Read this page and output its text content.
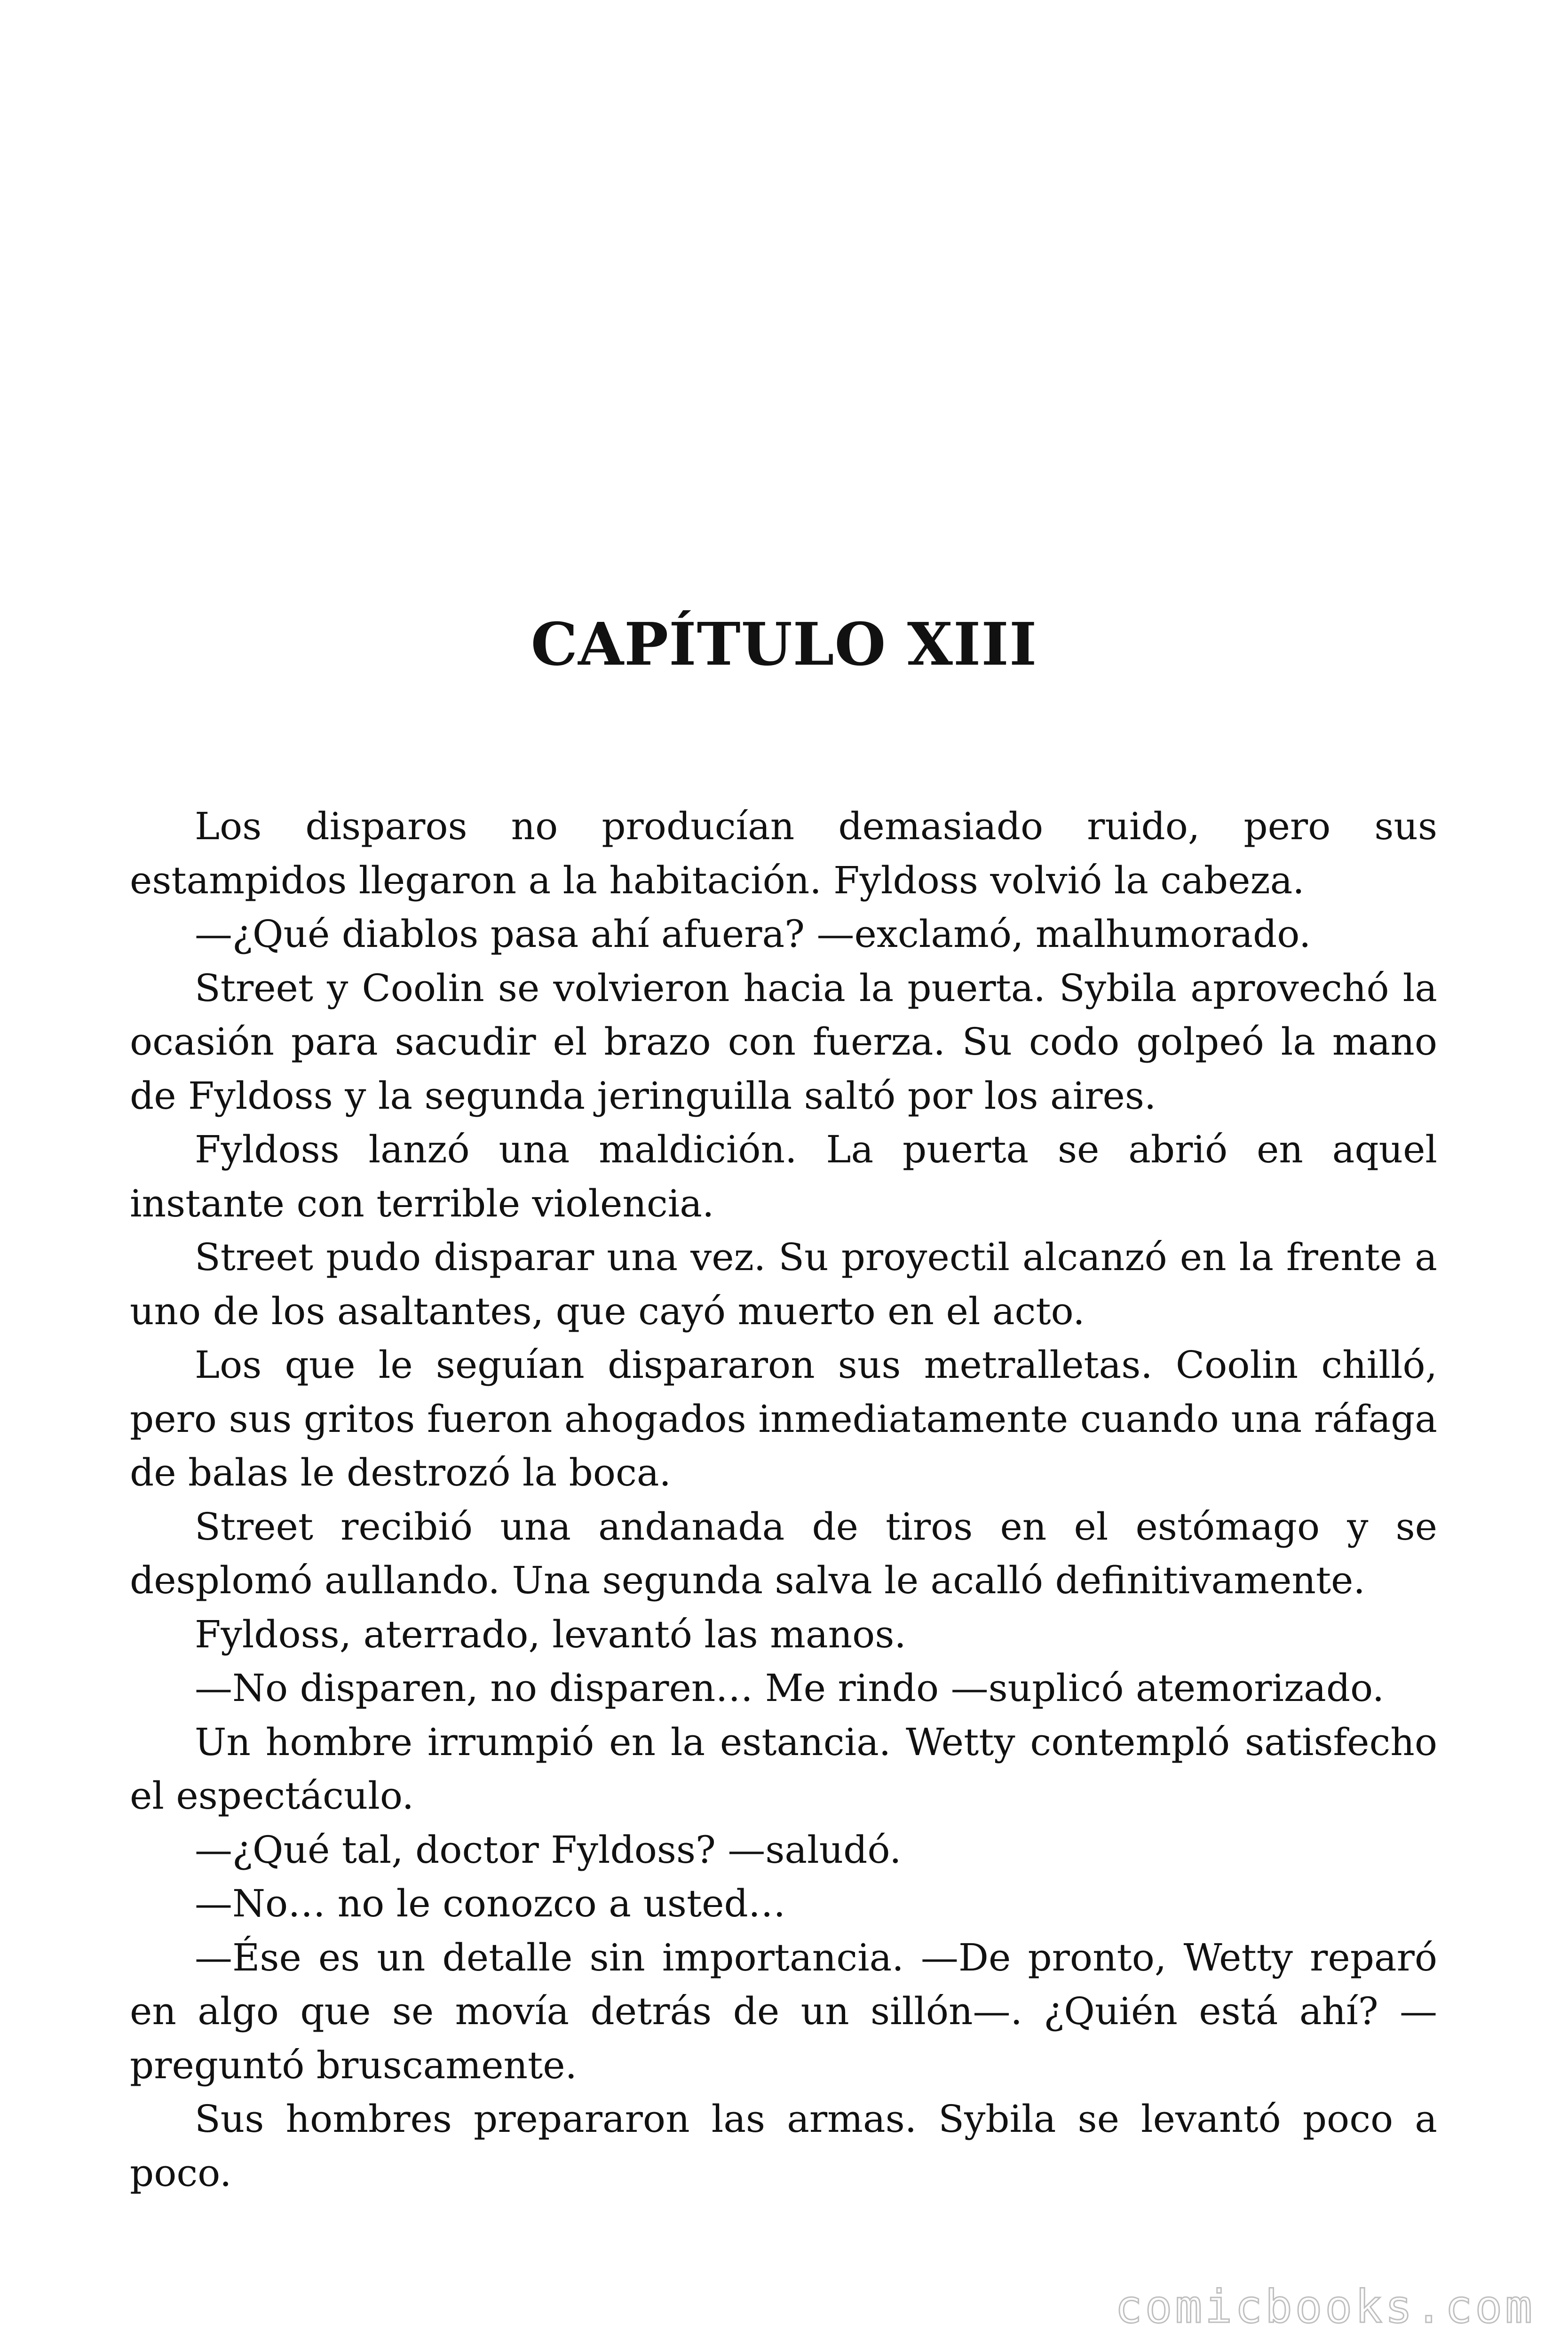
CAPÍTULO XIII

Los disparos no producían demasiado ruido, pero sus estampidos llegaron a la habitación. Fyldoss volvió la cabeza.

—¿Qué diablos pasa ahí afuera? —exclamó, malhumorado.

Street y Coolin se volvieron hacia la puerta. Sybila aprovechó la ocasión para sacudir el brazo con fuerza. Su codo golpeó la mano de Fyldoss y la segunda jeringuilla saltó por los aires.

Fyldoss lanzó una maldición. La puerta se abrió en aquel instante con terrible violencia.

Street pudo disparar una vez. Su proyectil alcanzó en la frente a uno de los asaltantes, que cayó muerto en el acto.

Los que le seguían dispararon sus metralletas. Coolin chilló, pero sus gritos fueron ahogados inmediatamente cuando una ráfaga de balas le destrozó la boca.

Street recibió una andanada de tiros en el estómago y se desplomó aullando. Una segunda salva le acalló definitivamente.

Fyldoss, aterrado, levantó las manos.

—No disparen, no disparen… Me rindo —suplicó atemorizado.

Un hombre irrumpió en la estancia. Wetty contempló satisfecho el espectáculo.

—¿Qué tal, doctor Fyldoss? —saludó.

—No… no le conozco a usted…

—Ése es un detalle sin importancia. —De pronto, Wetty reparó en algo que se movía detrás de un sillón—. ¿Quién está ahí? — preguntó bruscamente.

Sus hombres prepararon las armas. Sybila se levantó poco a poco.

comicbooks.com
